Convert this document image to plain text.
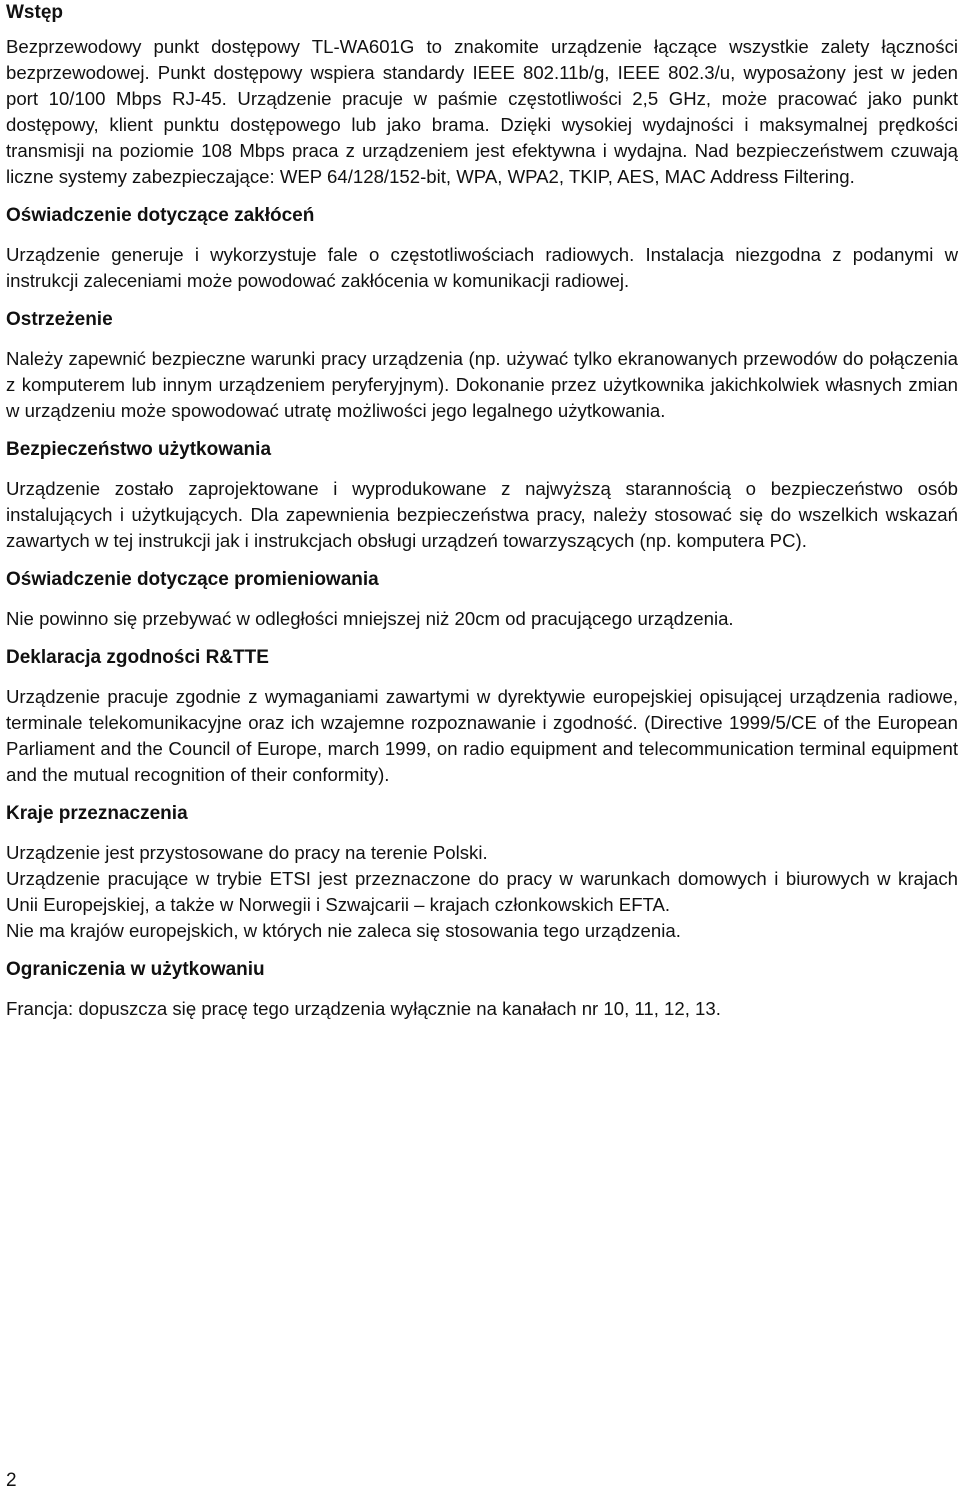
Wstęp

Bezprzewodowy punkt dostępowy TL-WA601G to znakomite urządzenie łączące wszystkie zalety łączności bezprzewodowej. Punkt dostępowy wspiera standardy IEEE 802.11b/g, IEEE 802.3/u, wyposażony jest w jeden port 10/100 Mbps RJ-45. Urządzenie pracuje w paśmie częstotliwości 2,5 GHz, może pracować jako punkt dostępowy, klient punktu dostępowego lub jako brama. Dzięki wysokiej wydajności i maksymalnej prędkości transmisji na poziomie 108 Mbps praca z urządzeniem jest efektywna i wydajna. Nad bezpieczeństwem czuwają liczne systemy zabezpieczające: WEP 64/128/152-bit, WPA, WPA2, TKIP, AES, MAC Address Filtering.

Oświadczenie dotyczące zakłóceń

Urządzenie generuje i wykorzystuje fale o częstotliwościach radiowych. Instalacja niezgodna z podanymi w instrukcji zaleceniami może powodować zakłócenia w komunikacji radiowej.

Ostrzeżenie

Należy zapewnić bezpieczne warunki pracy urządzenia (np. używać tylko ekranowanych przewodów do połączenia z komputerem lub innym urządzeniem peryferyjnym). Dokonanie przez użytkownika jakichkolwiek własnych zmian w urządzeniu może spowodować utratę możliwości jego legalnego użytkowania.

Bezpieczeństwo użytkowania

Urządzenie zostało zaprojektowane i wyprodukowane z najwyższą starannością o bezpieczeństwo osób instalujących i użytkujących. Dla zapewnienia bezpieczeństwa pracy, należy stosować się do wszelkich wskazań zawartych w tej instrukcji jak i instrukcjach obsługi urządzeń towarzyszących (np. komputera PC).

Oświadczenie dotyczące promieniowania

Nie powinno się przebywać w odległości mniejszej niż 20cm od pracującego urządzenia.

Deklaracja zgodności R&TTE

Urządzenie pracuje zgodnie z wymaganiami zawartymi w dyrektywie europejskiej opisującej urządzenia radiowe, terminale telekomunikacyjne oraz ich wzajemne rozpoznawanie i zgodność. (Directive 1999/5/CE of the European Parliament and the Council of Europe, march 1999, on radio equipment and telecommunication terminal equipment and the mutual recognition of their conformity).

Kraje przeznaczenia

Urządzenie jest przystosowane do pracy na terenie Polski.

Urządzenie pracujące w trybie ETSI jest przeznaczone do pracy w warunkach domowych i biurowych w krajach Unii Europejskiej, a także w Norwegii i Szwajcarii – krajach członkowskich EFTA.

Nie ma krajów europejskich, w których nie zaleca się stosowania tego urządzenia.

Ograniczenia w użytkowaniu

Francja: dopuszcza się pracę tego urządzenia wyłącznie na kanałach nr 10, 11, 12, 13.

2
